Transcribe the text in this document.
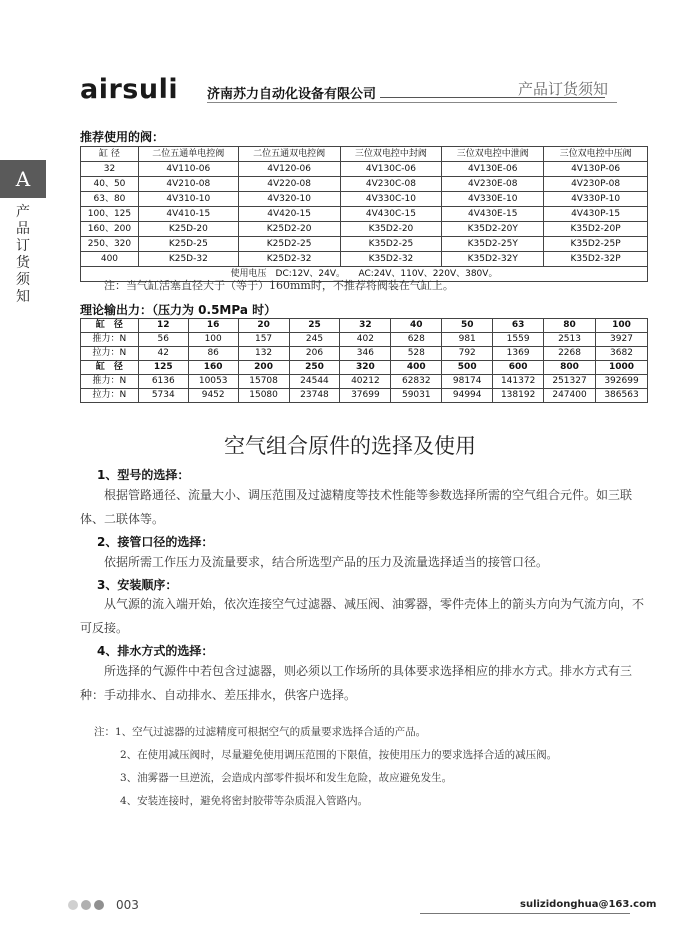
airsuli 济南苏力自动化设备有限公司	产品订货须知
A
产品订货须知
推荐使用的阀：
缸 径	二位五通单电控阀	二位五通双电控阀	三位双电控中封阀	三位双电控中泄阀	三位双电控中压阀
32	4V110-06	4V120-06	4V130C-06	4V130E-06	4V130P-06
40、50	4V210-08	4V220-08	4V230C-08	4V230E-08	4V230P-08
63、80	4V310-10	4V320-10	4V330C-10	4V330E-10	4V330P-10
100、125	4V410-15	4V420-15	4V430C-15	4V430E-15	4V430P-15
160、200	K25D-20	K25D2-20	K35D2-20	K35D2-20Y	K35D2-20P
250、320	K25D-25	K25D2-25	K35D2-25	K35D2-25Y	K35D2-25P
400	K25D-32	K25D2-32	K35D2-32	K35D2-32Y	K35D2-32P
使用电压　DC:12V、24V。　　AC:24V、110V、220V、380V。					
注：当气缸活塞直径大于（等于）160mm时，不推荐将阀装在气缸上。
理论输出力：（压力为 0.5MPa 时）
缸　径	12	16	20	25	32	40	50	63	80	100
推力：N	56	100	157	245	402	628	981	1559	2513	3927
拉力：N	42	86	132	206	346	528	792	1369	2268	3682
缸　径	125	160	200	250	320	400	500	600	800	1000
推力：N	6136	10053	15708	24544	40212	62832	98174	141372	251327	392699
拉力：N	5734	9452	15080	23748	37699	59031	94994	138192	247400	386563
空气组合原件的选择及使用
1、型号的选择：
根据管路通径、流量大小、调压范围及过滤精度等技术性能等参数选择所需的空气组合元件。如三联体、二联体等。
2、接管口径的选择：
依据所需工作压力及流量要求，结合所选型产品的压力及流量选择适当的接管口径。
3、安装顺序：
从气源的流入端开始，依次连接空气过滤器、减压阀、油雾器，零件壳体上的箭头方向为气流方向，不可反接。
4、排水方式的选择：
所选择的气源件中若包含过滤器，则必须以工作场所的具体要求选择相应的排水方式。排水方式有三种：手动排水、自动排水、差压排水，供客户选择。
注：1、空气过滤器的过滤精度可根据空气的质量要求选择合适的产品。
2、在使用减压阀时，尽量避免使用调压范围的下限值，按使用压力的要求选择合适的减压阀。
3、油雾器一旦逆流，会造成内部零件损坏和发生危险，故应避免发生。
4、安装连接时，避免将密封胶带等杂质混入管路内。
003	sulizidonghua@163.com
